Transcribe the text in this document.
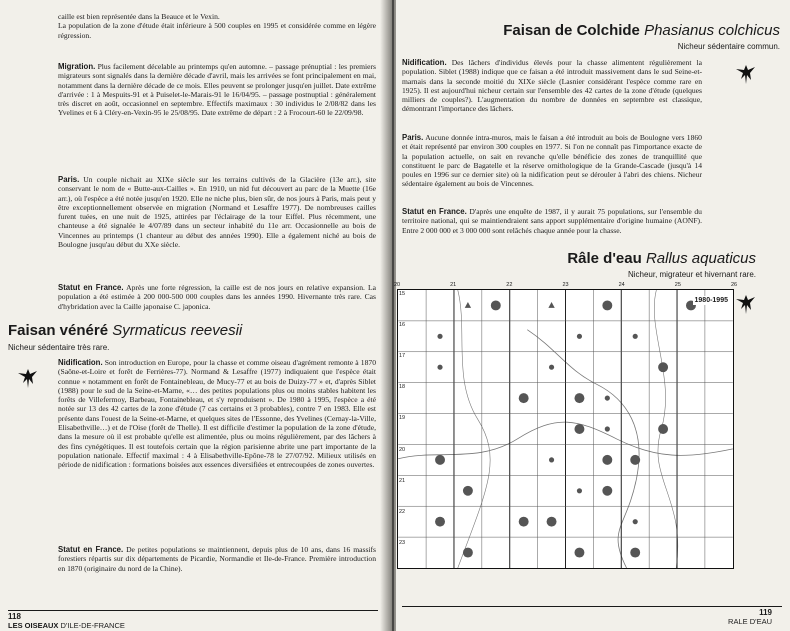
caille est bien représentée dans la Beauce et le Vexin.

La population de la zone d'étude était inférieure à 500 couples en 1995 et considérée comme en légère régression.

Migration. Plus facilement décelable au printemps qu'en automne. – passage prénuptial : les premiers migrateurs sont signalés dans la dernière décade d'avril, mais les arrivées se font principalement en mai, notamment dans la dernière décade de ce mois. Elles peuvent se prolonger jusqu'en juillet. Date extrême d'arrivée : 1 à Mespuits-91 et à Puiselet-le-Marais-91 le 16/04/95. – passage postnuptial : généralement très discret en août, occasionnel en septembre. Effectifs maximaux : 30 individus le 2/08/82 dans les Yvelines et 6 à Cléry-en-Vexin-95 le 25/08/95. Date extrême de départ : 2 à Frocourt-60 le 22/09/98.

Paris. Un couple nichait au XIXe siècle sur les terrains cultivés de la Glacière (13e arr.), site conservant le nom de « Butte-aux-Cailles ». En 1910, un nid fut découvert au parc de la Muette (16e arr.), où l'espèce a été notée jusqu'en 1920. Elle ne niche plus, bien sûr, de nos jours à Paris, mais peut y être exceptionnellement observée en migration (Normand et Lesaffre 1977). De nombreuses cailles furent tuées, en une nuit de 1925, attirées par l'éclairage de la tour Eiffel. Plus récemment, une chanteuse a été signalée le 4/07/89 dans un secteur inhabité du 11e arr. Occasionnelle au bois de Vincennes au printemps (1 chanteur au début des années 1990). Elle a également niché au bois de Boulogne jusqu'au début du XXe siècle.

Statut en France. Après une forte régression, la caille est de nos jours en relative expansion. La population a été estimée à 200 000-500 000 couples dans les années 1990. Hivernante très rare. Cas d'hybridation avec la Caille japonaise C. japonica.

Faisan vénéré Syrmaticus reevesii
Nicheur sédentaire très rare.

Nidification. Son introduction en Europe, pour la chasse et comme oiseau d'agrément remonte à 1870 (Saône-et-Loire et forêt de Ferrières-77). Normand & Lesaffre (1977) indiquaient que l'espèce était connue « notamment en forêt de Fontainebleau, de Mucy-77 et au bois de Duizy-77 » et, d'après Siblet (1988) pour le sud de la Seine-et-Marne, «… des petites populations plus ou moins stables habitent les forêts de Villefermoy, Barbeau, Fontainebleau, et s'y reproduisent ». De 1980 à 1995, l'espèce a été notée sur 13 des 42 cartes de la zone d'étude (7 cas certains et 3 probables), contre 7 en 1983. Elle est présente dans l'ouest de la Seine-et-Marne, et quelques sites de l'Essonne, des Yvelines (Cernay-la-Ville, Elisabethville…) et de l'Oise (forêt de Thelle). Il est difficile d'estimer la population de la zone d'étude, dans la mesure où il est probable qu'elle est alimentée, plus ou moins régulièrement, par des lâchers à des fins cynégétiques. Il est toutefois certain que la région parisienne abrite une part importante de la population nationale. Effectif maximal : 4 à Elisabethville-Epône-78 le 27/07/92. Milieux utilisés en période de nidification : formations boisées aux essences diversifiées et entrecoupées de zones ouvertes.

Statut en France. De petites populations se maintiennent, depuis plus de 10 ans, dans 16 massifs forestiers répartis sur dix départements de Picardie, Normandie et Ile-de-France. Première introduction en 1870 (originaire du nord de la Chine).

118
LES OISEAUX D'ILE-DE-FRANCE
Faisan de Colchide Phasianus colchicus
Nicheur sédentaire commun.

Nidification. Des lâchers d'individus élevés pour la chasse alimentent régulièrement la population. Siblet (1988) indique que ce faisan a été introduit massivement dans le sud Seine-et-marnais dans la seconde moitié du XIXe siècle (Lasnier considérant l'espèce comme rare en 1925). Il est aujourd'hui nicheur certain sur l'ensemble des 42 cartes de la zone d'étude (quelques milliers de couples?). L'augmentation du nombre de données en septembre est classique, démontrant l'importance des lâchers.

Paris. Aucune donnée intra-muros, mais le faisan a été introduit au bois de Boulogne vers 1860 et était représenté par environ 300 couples en 1977. Si l'on ne connaît pas l'importance exacte de la population actuelle, on sait en revanche qu'elle bénéficie des zones de tranquillité que constituent le parc de Bagatelle et la réserve ornithologique de la Grande-Cascade (jusqu'à 14 poules en 1996 sur ce dernier site) où la nidification peut se dérouler à l'abri des chiens. Nicheur sédentaire également au bois de Vincennes.

Statut en France. D'après une enquête de 1987, il y aurait 75 populations, sur l'ensemble du territoire national, qui se maintiendraient sans apport supplémentaire d'origine humaine (AONF). Entre 2 000 000 et 3 000 000 sont relâchés chaque année pour la chasse.

Râle d'eau Rallus aquaticus
Nicheur, migrateur et hivernant rare.
119
RALE D'EAU
1980-1995
20	21	22	23	24	25	26
15
16
17
18
19
20
21
22
23
